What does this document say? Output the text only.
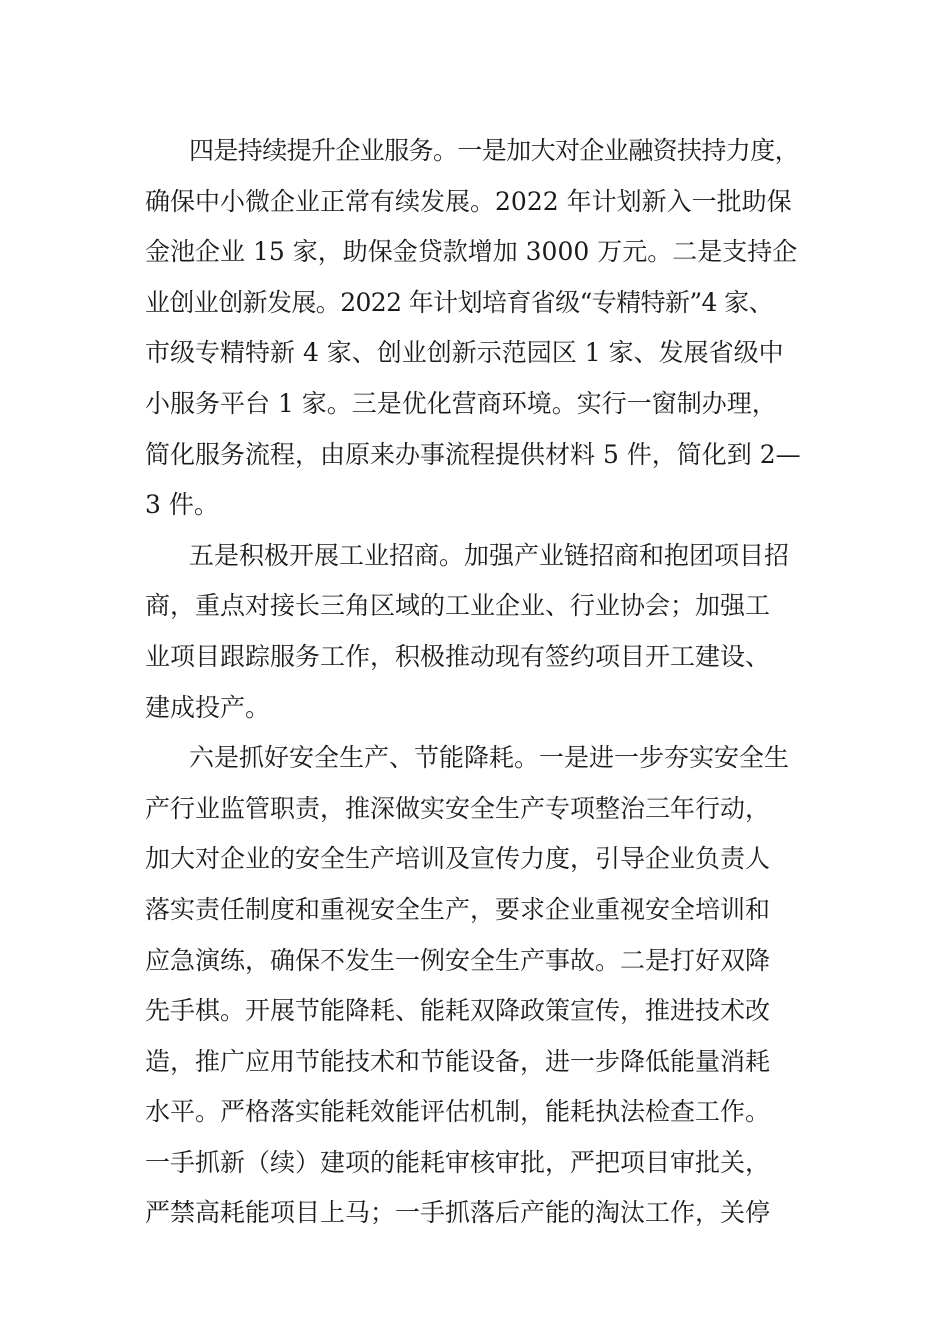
四是持续提升企业服务。一是加大对企业融资扶持力度，
确保中小微企业正常有续发展。2022 年计划新入一批助保
金池企业 15 家，助保金贷款增加 3000 万元。二是支持企
业创业创新发展。2022 年计划培育省级“专精特新”4 家、
市级专精特新 4 家、创业创新示范园区 1 家、发展省级中
小服务平台 1 家。三是优化营商环境。实行一窗制办理，
简化服务流程，由原来办事流程提供材料 5 件，简化到 2—
3 件。
五是积极开展工业招商。加强产业链招商和抱团项目招
商，重点对接长三角区域的工业企业、行业协会；加强工
业项目跟踪服务工作，积极推动现有签约项目开工建设、
建成投产。
六是抓好安全生产、节能降耗。一是进一步夯实安全生
产行业监管职责，推深做实安全生产专项整治三年行动，
加大对企业的安全生产培训及宣传力度，引导企业负责人
落实责任制度和重视安全生产，要求企业重视安全培训和
应急演练，确保不发生一例安全生产事故。二是打好双降
先手棋。开展节能降耗、能耗双降政策宣传，推进技术改
造，推广应用节能技术和节能设备，进一步降低能量消耗
水平。严格落实能耗效能评估机制，能耗执法检查工作。
一手抓新（续）建项的能耗审核审批，严把项目审批关，
严禁高耗能项目上马；一手抓落后产能的淘汰工作，关停
